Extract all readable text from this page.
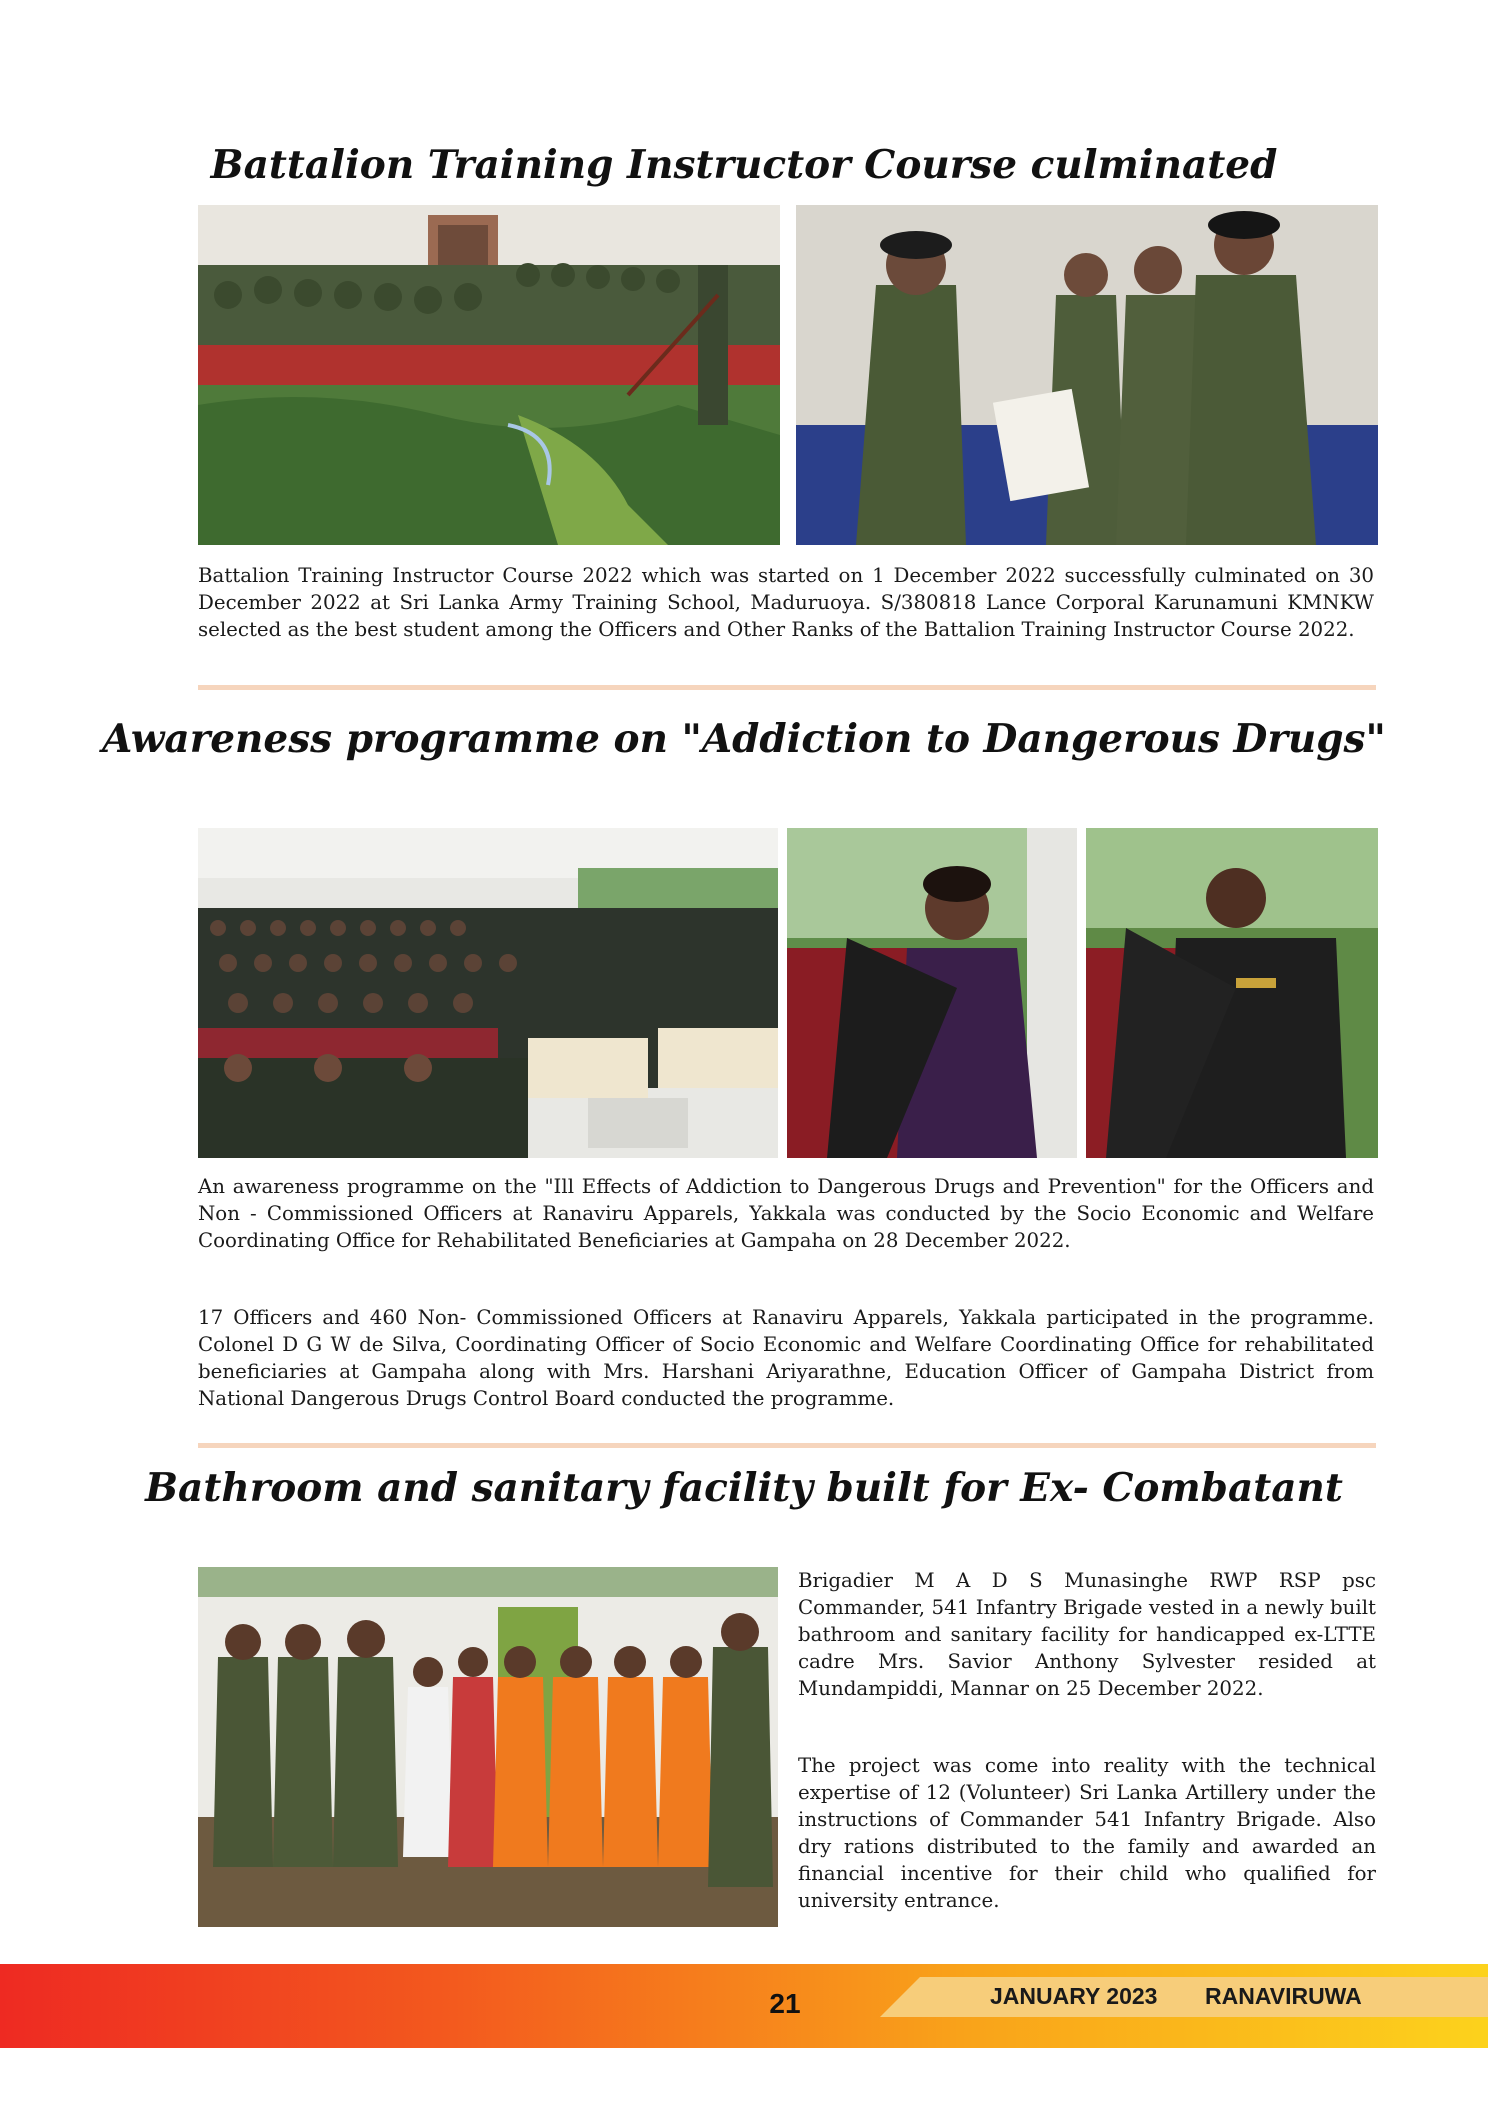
Battalion Training Instructor Course culminated

Battalion Training Instructor Course 2022 which was started on 1 December 2022 successfully culminated on 30 December 2022 at Sri Lanka Army Training School, Maduruoya. S/380818 Lance Corporal Karunamuni KMNKW selected as the best student among the Officers and Other Ranks of the Battalion Training Instructor Course 2022.

Awareness programme on "Addiction to Dangerous Drugs"

An awareness programme on the "Ill Effects of Addiction to Dangerous Drugs and Prevention" for the Officers and Non - Commissioned Officers at Ranaviru Apparels, Yakkala was conducted by the Socio Economic and Welfare Coordinating Office for Rehabilitated Beneficiaries at Gampaha on 28 December 2022.

17 Officers and 460 Non- Commissioned Officers at Ranaviru Apparels, Yakkala participated in the programme. Colonel D G W de Silva, Coordinating Officer of Socio Economic and Welfare Coordinating Office for rehabilitated beneficiaries at Gampaha along with Mrs. Harshani Ariyarathne, Education Officer of Gampaha District from National Dangerous Drugs Control Board conducted the programme.

Bathroom and sanitary facility built for Ex- Combatant

Brigadier M A D S Munasinghe RWP RSP psc Commander, 541 Infantry Brigade vested in a newly built bathroom and sanitary facility for handicapped ex-LTTE cadre Mrs. Savior Anthony Sylvester resided at Mundampiddi, Mannar on 25 December 2022.

The project was come into reality with the technical expertise of 12 (Volunteer) Sri Lanka Artillery under the instructions of Commander 541 Infantry Brigade. Also dry rations distributed to the family and awarded an financial incentive for their child who qualified for university entrance.

21	JANUARY 2023 RANAVIRUWA
